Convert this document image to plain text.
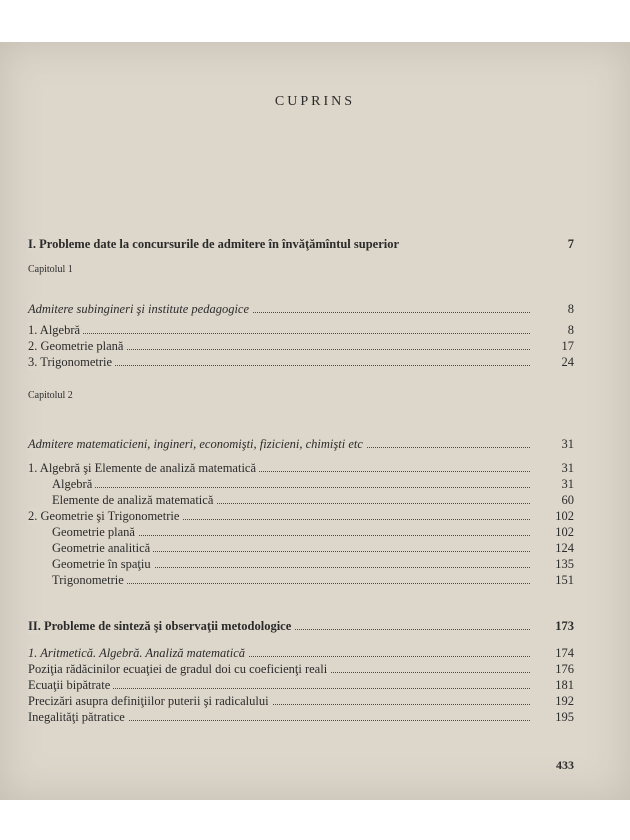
CUPRINS
Capitolul 1
Capitolul 2
I. Probleme date la concursurile de admitere în învăţămîntul superior	7
Admitere subingineri şi institute pedagogice	8
1. Algebră	8
2. Geometrie plană	17
3. Trigonometrie	24
Admitere matematicieni, ingineri, economişti, fizicieni, chimişti etc	31
1. Algebră şi Elemente de analiză matematică	31
Algebră	31
Elemente de analiză matematică	60
2. Geometrie şi Trigonometrie	102
Geometrie plană	102
Geometrie analitică	124
Geometrie în spaţiu	135
Trigonometrie	151
II. Probleme de sinteză şi observaţii metodologice	173
1. Aritmetică. Algebră. Analiză matematică	174
Poziţia rădăcinilor ecuaţiei de gradul doi cu coeficienţi reali	176
Ecuaţii bipătrate	181
Precizări asupra definiţiilor puterii şi radicalului	192
Inegalităţi pătratice	195
433
